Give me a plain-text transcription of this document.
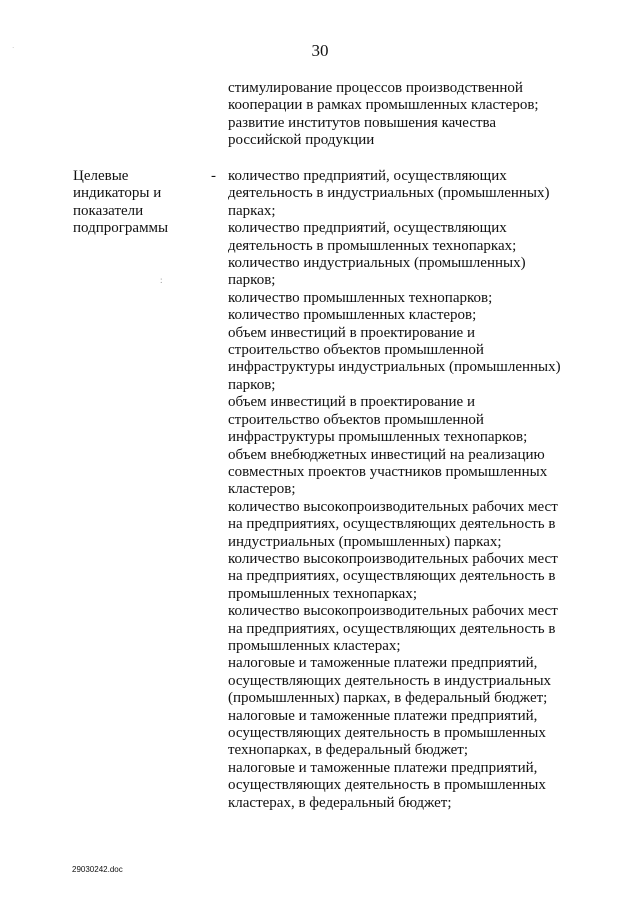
·	30
стимулирование процессов производственной
кооперации в рамках промышленных кластеров;
развитие институтов повышения качества
российской продукции
Целевые
индикаторы и
показатели
подпрограммы
:
- количество предприятий, осуществляющих
деятельность в индустриальных (промышленных)
парках;
количество предприятий, осуществляющих
деятельность в промышленных технопарках;
количество индустриальных (промышленных)
парков;
количество промышленных технопарков;
количество промышленных кластеров;
объем инвестиций в проектирование и
строительство объектов промышленной
инфраструктуры индустриальных (промышленных)
парков;
объем инвестиций в проектирование и
строительство объектов промышленной
инфраструктуры промышленных технопарков;
объем внебюджетных инвестиций на реализацию
совместных проектов участников промышленных
кластеров;
количество высокопроизводительных рабочих мест
на предприятиях, осуществляющих деятельность в
индустриальных (промышленных) парках;
количество высокопроизводительных рабочих мест
на предприятиях, осуществляющих деятельность в
промышленных технопарках;
количество высокопроизводительных рабочих мест
на предприятиях, осуществляющих деятельность в
промышленных кластерах;
налоговые и таможенные платежи предприятий,
осуществляющих деятельность в индустриальных
(промышленных) парках, в федеральный бюджет;
налоговые и таможенные платежи предприятий,
осуществляющих деятельность в промышленных
технопарках, в федеральный бюджет;
налоговые и таможенные платежи предприятий,
осуществляющих деятельность в промышленных
кластерах, в федеральный бюджет;
29030242.doc
